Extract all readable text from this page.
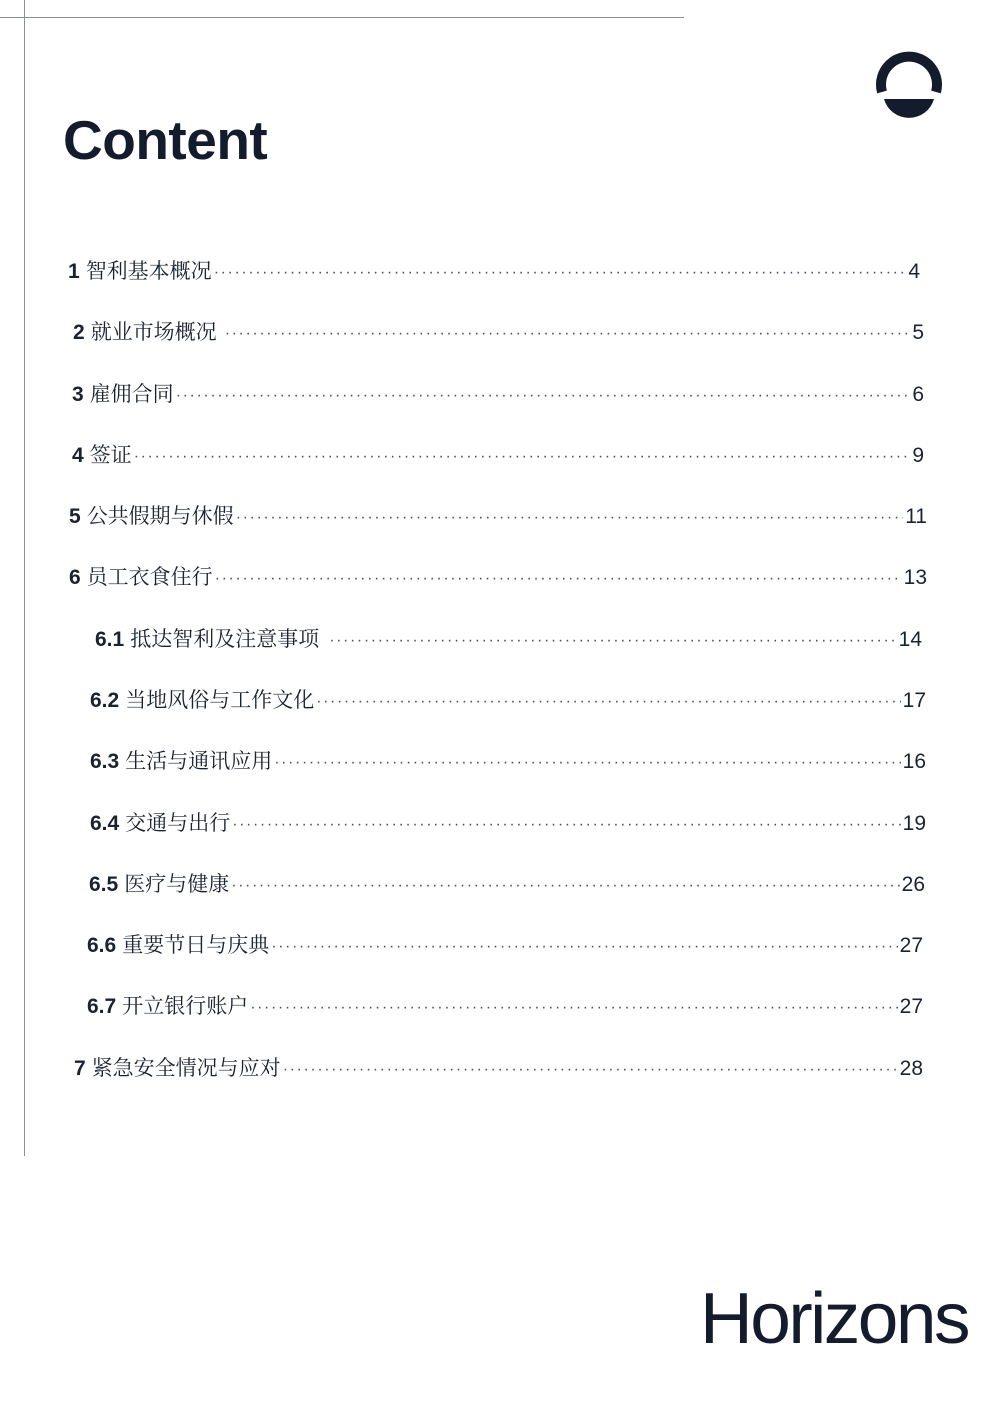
Content
1 智利基本概况 ·····	4
2 就业市场概况 ·····	5
3 雇佣合同 ·····	6
4 签证 ·····	9
5 公共假期与休假 ·····	11
6 员工衣食住行 ·····	13
6.1 抵达智利及注意事项 ·····	14
6.2 当地风俗与工作文化 ·····	17
6.3 生活与通讯应用 ·····	16
6.4 交通与出行 ·····	19
6.5 医疗与健康 ·····	26
6.6 重要节日与庆典 ·····	27
6.7 开立银行账户 ·····	27
7 紧急安全情况与应对 ·····	28
Horizons
